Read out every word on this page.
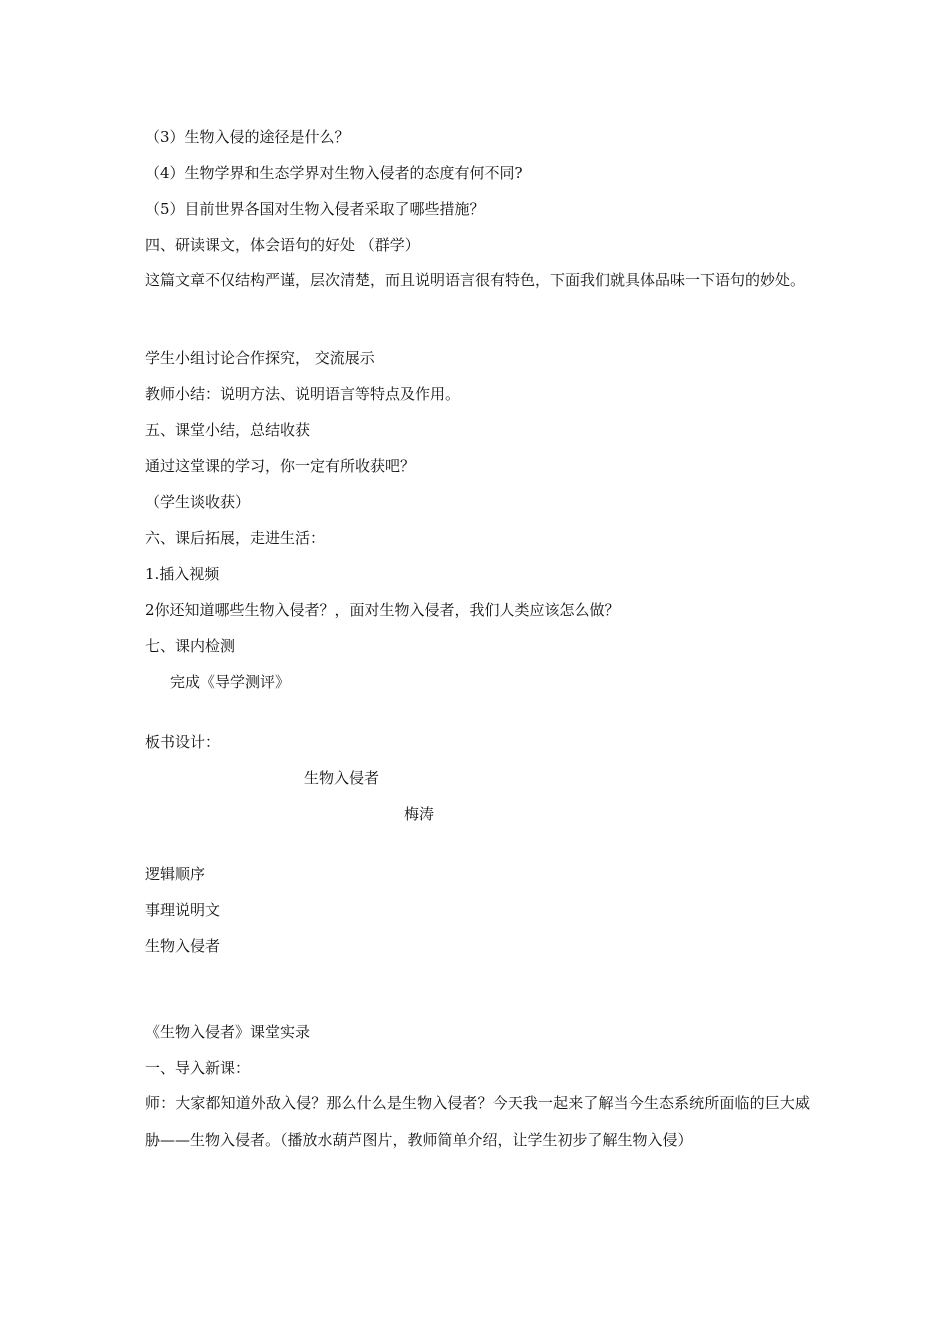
（3）生物入侵的途径是什么？
（4）生物学界和生态学界对生物入侵者的态度有何不同?
（5）目前世界各国对生物入侵者采取了哪些措施？
四、研读课文，体会语句的好处 （群学）
这篇文章不仅结构严谨，层次清楚，而且说明语言很有特色，下面我们就具体品味一下语句的妙处。
学生小组讨论合作探究， 交流展示
教师小结：说明方法、说明语言等特点及作用。
五、课堂小结，总结收获
通过这堂课的学习，你一定有所收获吧？
（学生谈收获）
六、课后拓展，走进生活：
1.插入视频
2你还知道哪些生物入侵者？，面对生物入侵者，我们人类应该怎么做？
七、课内检测
完成《导学测评》
板书设计：
生物入侵者
梅涛
逻辑顺序
事理说明文
生物入侵者
《生物入侵者》课堂实录
一、导入新课：
师：大家都知道外敌入侵？那么什么是生物入侵者？今天我一起来了解当今生态系统所面临的巨大威胁——生物入侵者。（播放水葫芦图片，教师简单介绍，让学生初步了解生物入侵）
